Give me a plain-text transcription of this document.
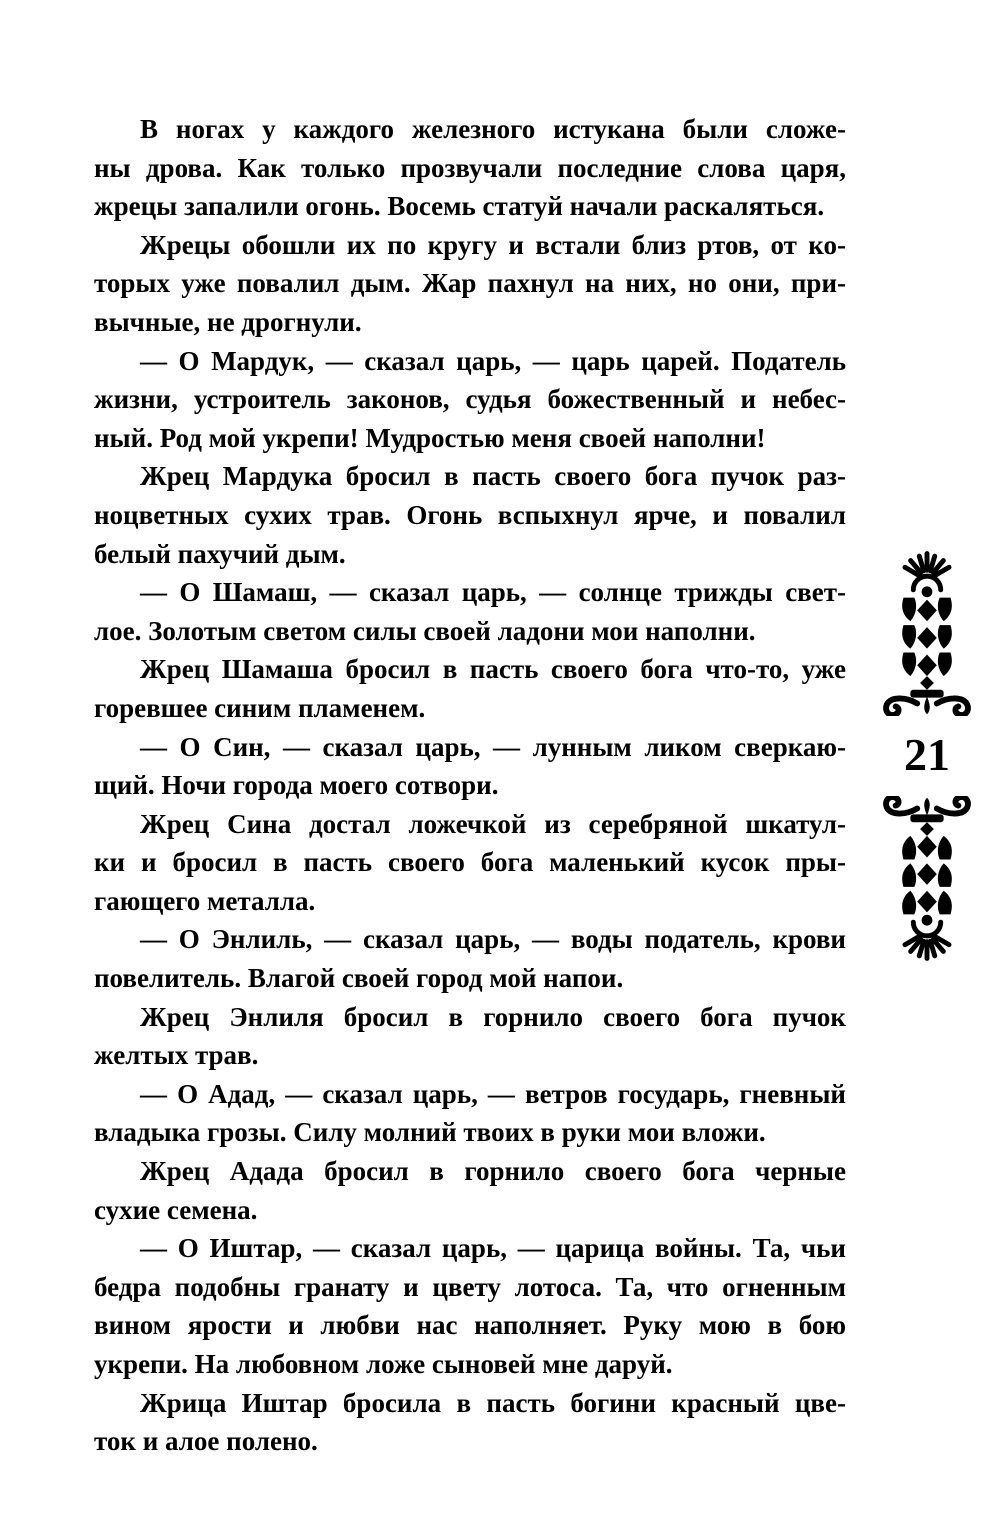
В ногах у каждого железного истукана были сложе-
ны дрова. Как только прозвучали последние слова царя,
жрецы запалили огонь. Восемь статуй начали раскаляться.
Жрецы обошли их по кругу и встали близ ртов, от ко-
торых уже повалил дым. Жар пахнул на них, но они, при-
вычные, не дрогнули.
— О Мардук, — сказал царь, — царь царей. Податель
жизни, устроитель законов, судья божественный и небес-
ный. Род мой укрепи! Мудростью меня своей наполни!
Жрец Мардука бросил в пасть своего бога пучок раз-
ноцветных сухих трав. Огонь вспыхнул ярче, и повалил
белый пахучий дым.
— О Шамаш, — сказал царь, — солнце трижды свет-
лое. Золотым светом силы своей ладони мои наполни.
Жрец Шамаша бросил в пасть своего бога что-то, уже
горевшее синим пламенем.
— О Син, — сказал царь, — лунным ликом сверкаю-
щий. Ночи города моего сотвори.
Жрец Сина достал ложечкой из серебряной шкатул-
ки и бросил в пасть своего бога маленький кусок пры-
гающего металла.
— О Энлиль, — сказал царь, — воды податель, крови
повелитель. Влагой своей город мой напои.
Жрец Энлиля бросил в горнило своего бога пучок
желтых трав.
— О Адад, — сказал царь, — ветров государь, гневный
владыка грозы. Силу молний твоих в руки мои вложи.
Жрец Адада бросил в горнило своего бога черные
сухие семена.
— О Иштар, — сказал царь, — царица войны. Та, чьи
бедра подобны гранату и цвету лотоса. Та, что огненным
вином ярости и любви нас наполняет. Руку мою в бою
укрепи. На любовном ложе сыновей мне даруй.
Жрица Иштар бросила в пасть богини красный цве-
ток и алое полено.
21
